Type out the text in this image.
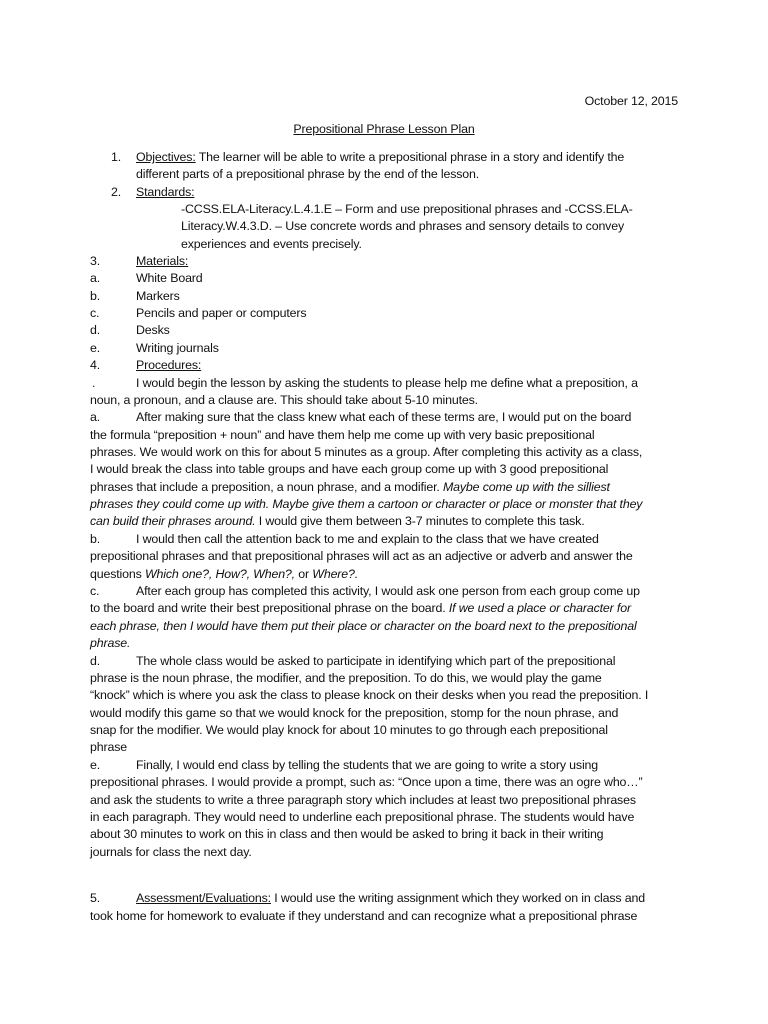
October 12, 2015
Prepositional Phrase Lesson Plan
1. Objectives: The learner will be able to write a prepositional phrase in a story and identify the
different parts of a prepositional phrase by the end of the lesson.
2. Standards:
-CCSS.ELA-Literacy.L.4.1.E – Form and use prepositional phrases and -CCSS.ELA-
Literacy.W.4.3.D. – Use concrete words and phrases and sensory details to convey
experiences and events precisely.
3.	Materials:
a.	White Board
b.	Markers
c.	Pencils and paper or computers
d.	Desks
e.	Writing journals
4.	Procedures:
.	I would begin the lesson by asking the students to please help me define what a preposition, a
noun, a pronoun, and a clause are. This should take about 5-10 minutes.
a.	After making sure that the class knew what each of these terms are, I would put on the board
the formula “preposition + noun” and have them help me come up with very basic prepositional
phrases. We would work on this for about 5 minutes as a group. After completing this activity as a class,
I would break the class into table groups and have each group come up with 3 good prepositional
phrases that include a preposition, a noun phrase, and a modifier. Maybe come up with the silliest
phrases they could come up with. Maybe give them a cartoon or character or place or monster that they
can build their phrases around. I would give them between 3-7 minutes to complete this task.
b.	I would then call the attention back to me and explain to the class that we have created
prepositional phrases and that prepositional phrases will act as an adjective or adverb and answer the
questions Which one?, How?, When?, or Where?.
c.	After each group has completed this activity, I would ask one person from each group come up
to the board and write their best prepositional phrase on the board. If we used a place or character for
each phrase, then I would have them put their place or character on the board next to the prepositional
phrase.
d.	The whole class would be asked to participate in identifying which part of the prepositional
phrase is the noun phrase, the modifier, and the preposition. To do this, we would play the game
“knock” which is where you ask the class to please knock on their desks when you read the preposition. I
would modify this game so that we would knock for the preposition, stomp for the noun phrase, and
snap for the modifier. We would play knock for about 10 minutes to go through each prepositional
phrase
e.	Finally, I would end class by telling the students that we are going to write a story using
prepositional phrases. I would provide a prompt, such as: “Once upon a time, there was an ogre who…”
and ask the students to write a three paragraph story which includes at least two prepositional phrases
in each paragraph. They would need to underline each prepositional phrase. The students would have
about 30 minutes to work on this in class and then would be asked to bring it back in their writing
journals for class the next day.
5.	Assessment/Evaluations: I would use the writing assignment which they worked on in class and
took home for homework to evaluate if they understand and can recognize what a prepositional phrase
